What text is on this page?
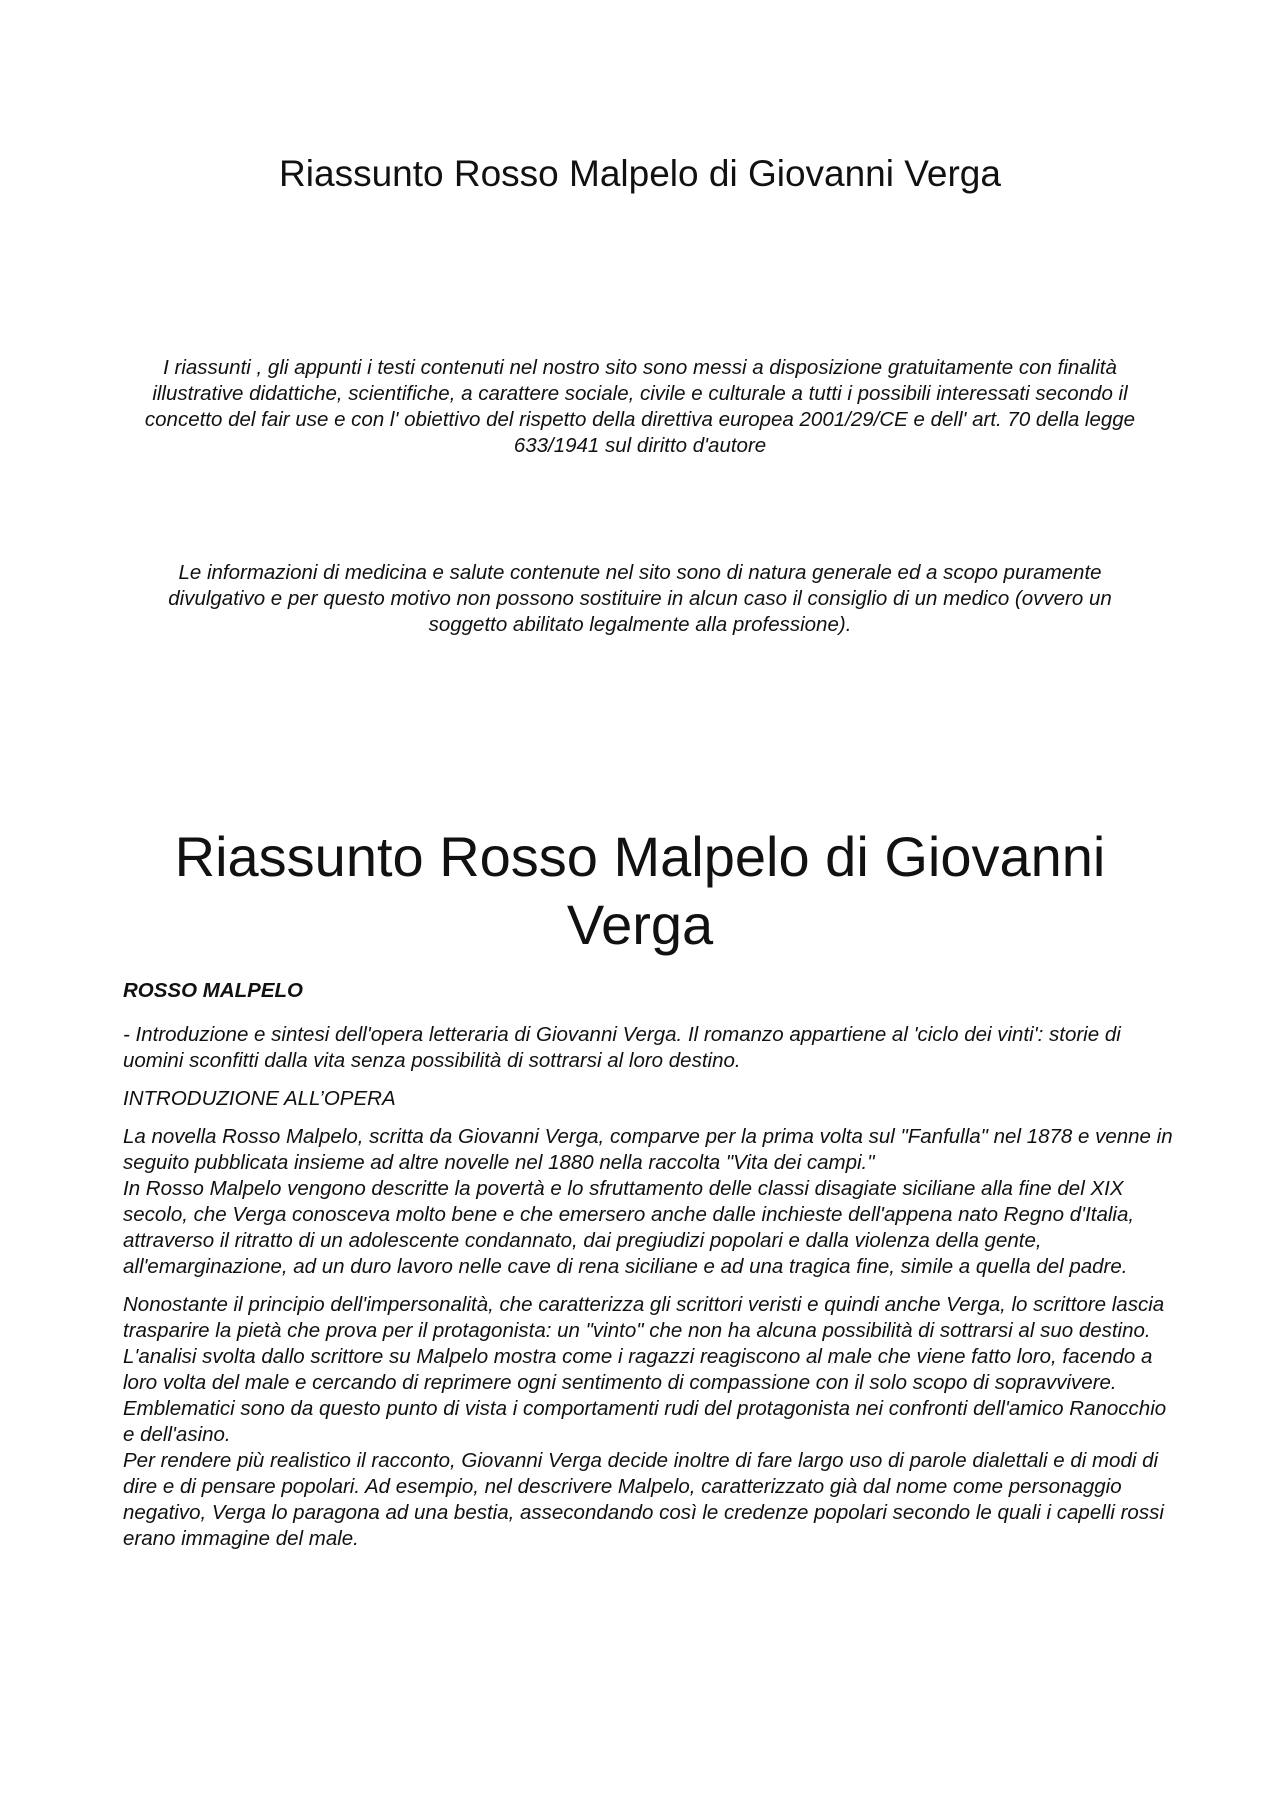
Riassunto Rosso Malpelo di Giovanni Verga

I riassunti , gli appunti i testi contenuti nel nostro sito sono messi a disposizione gratuitamente con finalità illustrative didattiche, scientifiche, a carattere sociale, civile e culturale a tutti i possibili interessati secondo il concetto del fair use e con l' obiettivo del rispetto della direttiva europea 2001/29/CE e dell' art. 70 della legge 633/1941 sul diritto d'autore

Le informazioni di medicina e salute contenute nel sito sono di natura generale ed a scopo puramente divulgativo e per questo motivo non possono sostituire in alcun caso il consiglio di un medico (ovvero un soggetto abilitato legalmente alla professione).

Riassunto Rosso Malpelo di Giovanni Verga

ROSSO MALPELO

- Introduzione e sintesi dell'opera letteraria di Giovanni Verga. Il romanzo appartiene al 'ciclo dei vinti': storie di uomini sconfitti dalla vita senza possibilità di sottrarsi al loro destino.

INTRODUZIONE ALL’OPERA

La novella Rosso Malpelo, scritta da Giovanni Verga, comparve per la prima volta sul "Fanfulla" nel 1878 e venne in seguito pubblicata insieme ad altre novelle nel 1880 nella raccolta "Vita dei campi."

In Rosso Malpelo vengono descritte la povertà e lo sfruttamento delle classi disagiate siciliane alla fine del XIX secolo, che Verga conosceva molto bene e che emersero anche dalle inchieste dell'appena nato Regno d'Italia, attraverso il ritratto di un adolescente condannato, dai pregiudizi popolari e dalla violenza della gente, all'emarginazione, ad un duro lavoro nelle cave di rena siciliane e ad una tragica fine, simile a quella del padre.

Nonostante il principio dell'impersonalità, che caratterizza gli scrittori veristi e quindi anche Verga, lo scrittore lascia trasparire la pietà che prova per il protagonista: un "vinto" che non ha alcuna possibilità di sottrarsi al suo destino. L'analisi svolta dallo scrittore su Malpelo mostra come i ragazzi reagiscono al male che viene fatto loro, facendo a loro volta del male e cercando di reprimere ogni sentimento di compassione con il solo scopo di sopravvivere.

Emblematici sono da questo punto di vista i comportamenti rudi del protagonista nei confronti dell'amico Ranocchio e dell'asino.

Per rendere più realistico il racconto, Giovanni Verga decide inoltre di fare largo uso di parole dialettali e di modi di dire e di pensare popolari. Ad esempio, nel descrivere Malpelo, caratterizzato già dal nome come personaggio negativo, Verga lo paragona ad una bestia, assecondando così le credenze popolari secondo le quali i capelli rossi erano immagine del male.
